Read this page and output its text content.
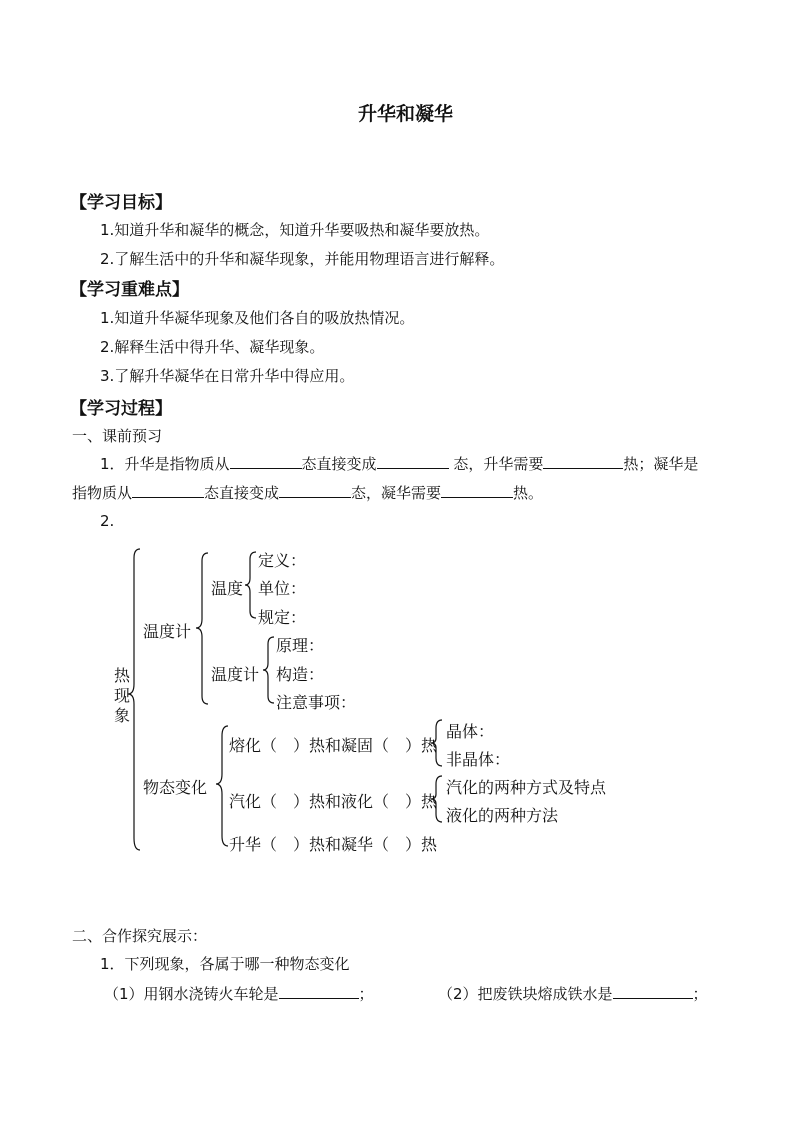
升华和凝华
【学习目标】
1.知道升华和凝华的概念，知道升华要吸热和凝华要放热。
2.了解生活中的升华和凝华现象，并能用物理语言进行解释。
【学习重难点】
1.知道升华凝华现象及他们各自的吸放热情况。
2.解释生活中得升华、凝华现象。
3.了解升华凝华在日常升华中得应用。
【学习过程】
一、课前预习
1．升华是指物质从	态直接变成	态，升华需要	热；凝华是
指物质从	态直接变成	态，凝华需要	热。
2.
热现象
温度计
温度
定义：
单位：
规定：
温度计
原理：
构造：
注意事项：
物态变化
熔化（　）热和凝固（　）热
晶体：
非晶体：
汽化（　）热和液化（　）热
汽化的两种方式及特点
液化的两种方法
升华（　）热和凝华（　）热
二、合作探究展示：
1．下列现象，各属于哪一种物态变化
（1）用钢水浇铸火车轮是	；	（2）把废铁块熔成铁水是	；
